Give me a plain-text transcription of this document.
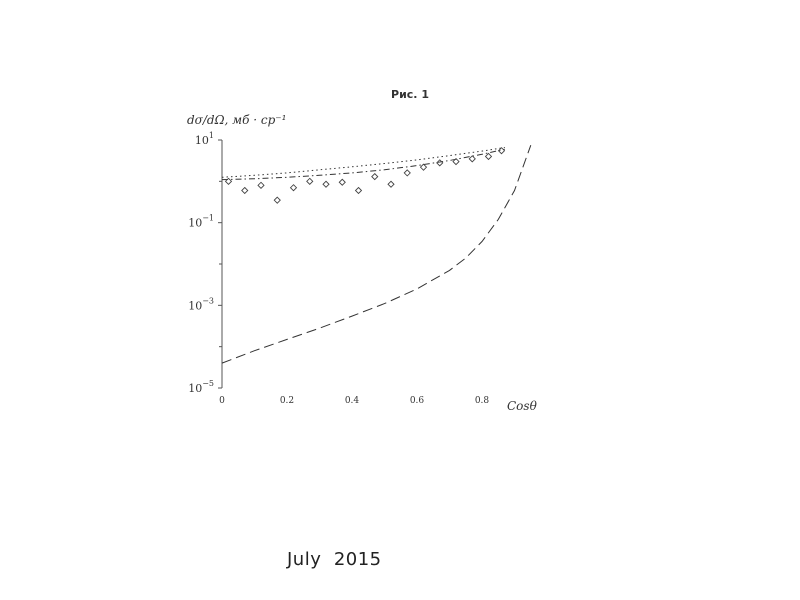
Рис. 1
dσ/dΩ, мб · ср⁻¹
Cosθ
$10^1$
$10^{-1}$
$10^{-3}$
$10^{-5}$
0	0.2	0.4	0.6	0.8
July  2015
